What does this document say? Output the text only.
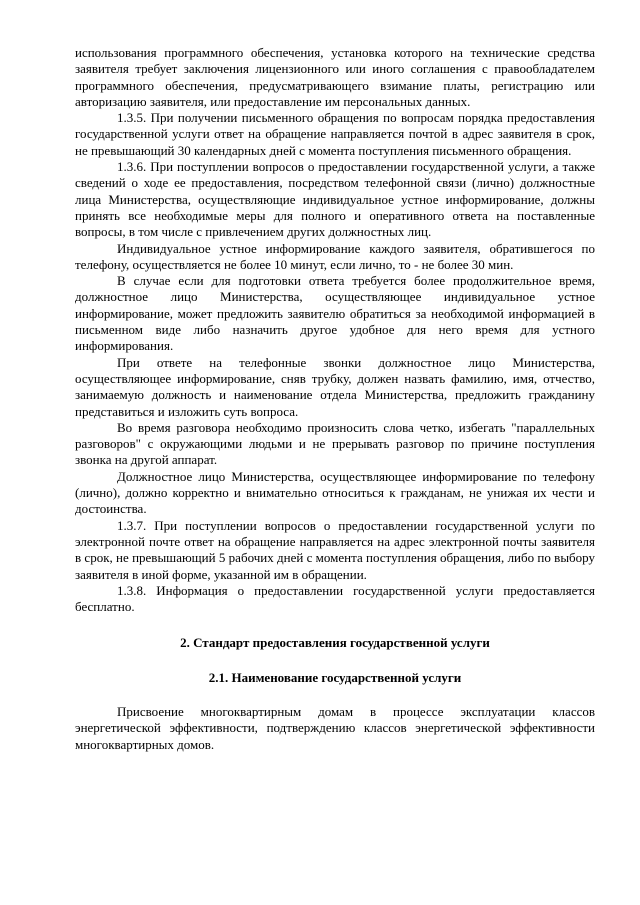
использования программного обеспечения, установка которого на технические средства заявителя требует заключения лицензионного или иного соглашения с правообладателем программного обеспечения, предусматривающего взимание платы, регистрацию или авторизацию заявителя, или предоставление им персональных данных.

1.3.5. При получении письменного обращения по вопросам порядка предоставления государственной услуги ответ на обращение направляется почтой в адрес заявителя в срок, не превышающий 30 календарных дней с момента поступления письменного обращения.

1.3.6. При поступлении вопросов о предоставлении государственной услуги, а также сведений о ходе ее предоставления, посредством телефонной связи (лично) должностные лица Министерства, осуществляющие индивидуальное устное информирование, должны принять все необходимые меры для полного и оперативного ответа на поставленные вопросы, в том числе с привлечением других должностных лиц.

Индивидуальное устное информирование каждого заявителя, обратившегося по телефону, осуществляется не более 10 минут, если лично, то - не более 30 мин.

В случае если для подготовки ответа требуется более продолжительное время, должностное лицо Министерства, осуществляющее индивидуальное устное информирование, может предложить заявителю обратиться за необходимой информацией в письменном виде либо назначить другое удобное для него время для устного информирования.

При ответе на телефонные звонки должностное лицо Министерства, осуществляющее информирование, сняв трубку, должен назвать фамилию, имя, отчество, занимаемую должность и наименование отдела Министерства, предложить гражданину представиться и изложить суть вопроса.

Во время разговора необходимо произносить слова четко, избегать "параллельных разговоров" с окружающими людьми и не прерывать разговор по причине поступления звонка на другой аппарат.

Должностное лицо Министерства, осуществляющее информирование по телефону (лично), должно корректно и внимательно относиться к гражданам, не унижая их чести и достоинства.

1.3.7. При поступлении вопросов о предоставлении государственной услуги по электронной почте ответ на обращение направляется на адрес электронной почты заявителя в срок, не превышающий 5 рабочих дней с момента поступления обращения, либо по выбору заявителя в иной форме, указанной им в обращении.

1.3.8. Информация о предоставлении государственной услуги предоставляется бесплатно.

2. Стандарт предоставления государственной услуги

2.1. Наименование государственной услуги

Присвоение многоквартирным домам в процессе эксплуатации классов энергетической эффективности, подтверждению классов энергетической эффективности многоквартирных домов.
